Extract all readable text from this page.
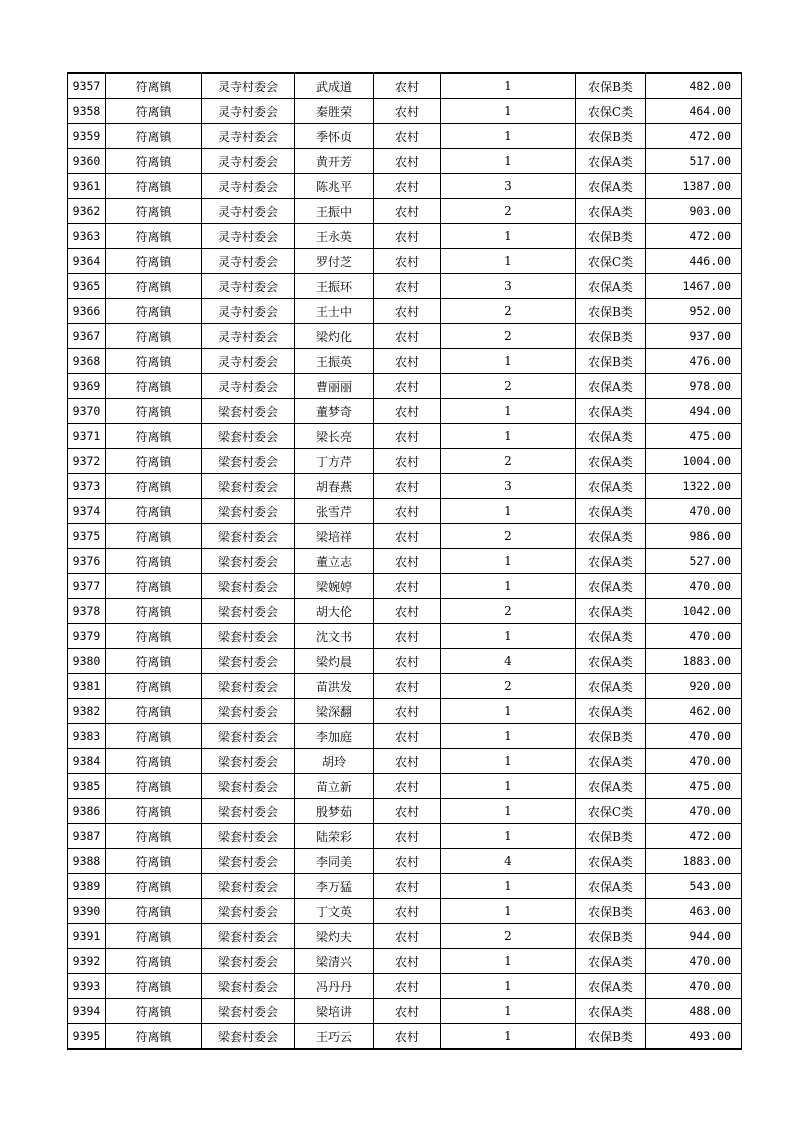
9357	符离镇	灵寺村委会	武成道	农村	1	农保B类	482.00
9358	符离镇	灵寺村委会	秦胜荣	农村	1	农保C类	464.00
9359	符离镇	灵寺村委会	季怀贞	农村	1	农保B类	472.00
9360	符离镇	灵寺村委会	黄开芳	农村	1	农保A类	517.00
9361	符离镇	灵寺村委会	陈兆平	农村	3	农保A类	1387.00
9362	符离镇	灵寺村委会	王振中	农村	2	农保A类	903.00
9363	符离镇	灵寺村委会	王永英	农村	1	农保B类	472.00
9364	符离镇	灵寺村委会	罗付芝	农村	1	农保C类	446.00
9365	符离镇	灵寺村委会	王振环	农村	3	农保A类	1467.00
9366	符离镇	灵寺村委会	王士中	农村	2	农保B类	952.00
9367	符离镇	灵寺村委会	梁灼化	农村	2	农保B类	937.00
9368	符离镇	灵寺村委会	王振英	农村	1	农保B类	476.00
9369	符离镇	灵寺村委会	曹丽丽	农村	2	农保A类	978.00
9370	符离镇	梁套村委会	董梦奇	农村	1	农保A类	494.00
9371	符离镇	梁套村委会	梁长亮	农村	1	农保A类	475.00
9372	符离镇	梁套村委会	丁方芹	农村	2	农保A类	1004.00
9373	符离镇	梁套村委会	胡春燕	农村	3	农保A类	1322.00
9374	符离镇	梁套村委会	张雪芹	农村	1	农保A类	470.00
9375	符离镇	梁套村委会	梁培祥	农村	2	农保A类	986.00
9376	符离镇	梁套村委会	董立志	农村	1	农保A类	527.00
9377	符离镇	梁套村委会	梁婉婷	农村	1	农保A类	470.00
9378	符离镇	梁套村委会	胡大伦	农村	2	农保A类	1042.00
9379	符离镇	梁套村委会	沈文书	农村	1	农保A类	470.00
9380	符离镇	梁套村委会	梁灼晨	农村	4	农保A类	1883.00
9381	符离镇	梁套村委会	苗洪发	农村	2	农保A类	920.00
9382	符离镇	梁套村委会	梁深翻	农村	1	农保A类	462.00
9383	符离镇	梁套村委会	李加庭	农村	1	农保B类	470.00
9384	符离镇	梁套村委会	胡玲	农村	1	农保A类	470.00
9385	符离镇	梁套村委会	苗立新	农村	1	农保A类	475.00
9386	符离镇	梁套村委会	殷梦茹	农村	1	农保C类	470.00
9387	符离镇	梁套村委会	陆荣彩	农村	1	农保B类	472.00
9388	符离镇	梁套村委会	李同美	农村	4	农保A类	1883.00
9389	符离镇	梁套村委会	李万猛	农村	1	农保A类	543.00
9390	符离镇	梁套村委会	丁文英	农村	1	农保B类	463.00
9391	符离镇	梁套村委会	梁灼夫	农村	2	农保B类	944.00
9392	符离镇	梁套村委会	梁清兴	农村	1	农保A类	470.00
9393	符离镇	梁套村委会	冯丹丹	农村	1	农保A类	470.00
9394	符离镇	梁套村委会	梁培讲	农村	1	农保A类	488.00
9395	符离镇	梁套村委会	王巧云	农村	1	农保B类	493.00
